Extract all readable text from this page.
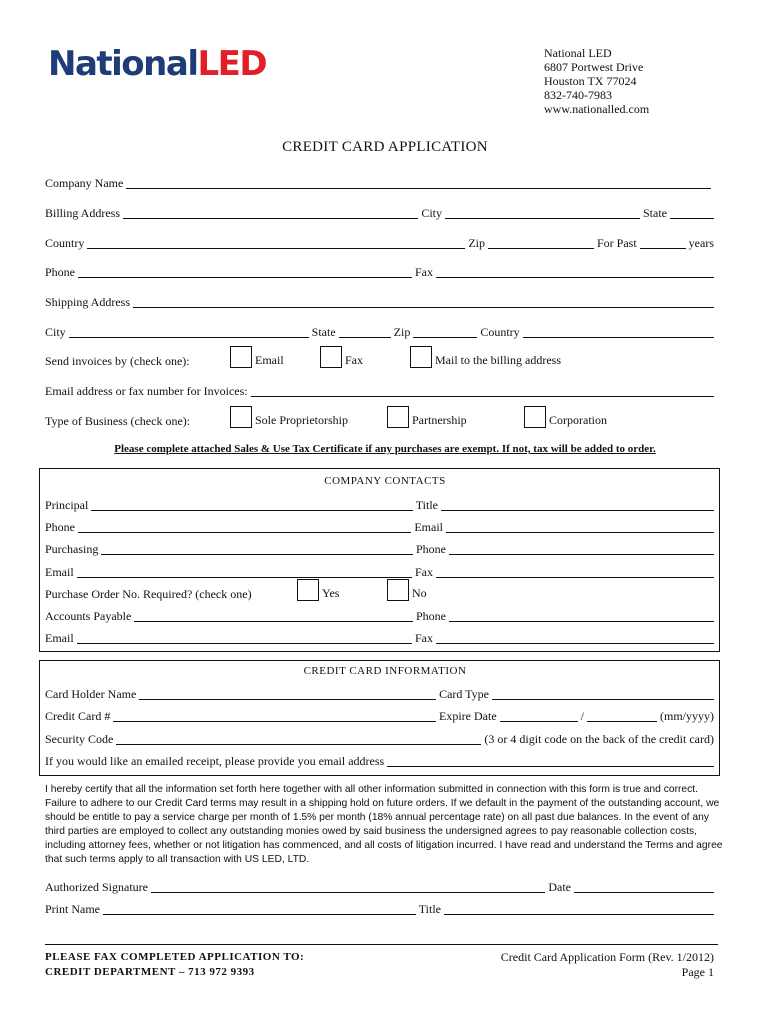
NationalLED	National LED
6807 Portwest Drive
Houston TX 77024
832-740-7983
www.nationalled.com
CREDIT CARD APPLICATION
Company Name
Billing Address	City	State
Country	Zip	For Past	years
Phone	Fax
Shipping Address
City	State	Zip	Country
Send invoices by (check one):	Email	Fax	Mail to the billing address
Email address or fax number for Invoices:
Type of Business (check one):	Sole Proprietorship	Partnership	Corporation
Please complete attached Sales & Use Tax Certificate if any purchases are exempt. If not, tax will be added to order.
COMPANY CONTACTS
Principal	Title
Phone	Email
Purchasing	Phone
Email	Fax
Purchase Order No. Required? (check one)	Yes	No
Accounts Payable	Phone
Email	Fax
CREDIT CARD INFORMATION
Card Holder Name	Card Type
Credit Card #	Expire Date	/	(mm/yyyy)
Security Code	(3 or 4 digit code on the back of the credit card)
If you would like an emailed receipt, please provide you email address
I hereby certify that all the information set forth here together with all other information submitted in connection with this form is true and correct. Failure to adhere to our Credit Card terms may result in a shipping hold on future orders. If we default in the payment of the outstanding account, we should be entitle to pay a service charge per month of 1.5% per month (18% annual percentage rate) on all past due balances. In the event of any third parties are employed to collect any outstanding monies owed by said business the undersigned agrees to pay reasonable collection costs, including attorney fees, whether or not litigation has commenced, and all costs of litigation incurred. I have read and understand the Terms and agree that such terms apply to all transaction with US LED, LTD.
Authorized Signature	Date
Print Name	Title
PLEASE FAX COMPLETED APPLICATION TO:
CREDIT DEPARTMENT – 713 972 9393
Credit Card Application Form (Rev. 1/2012)
Page 1
